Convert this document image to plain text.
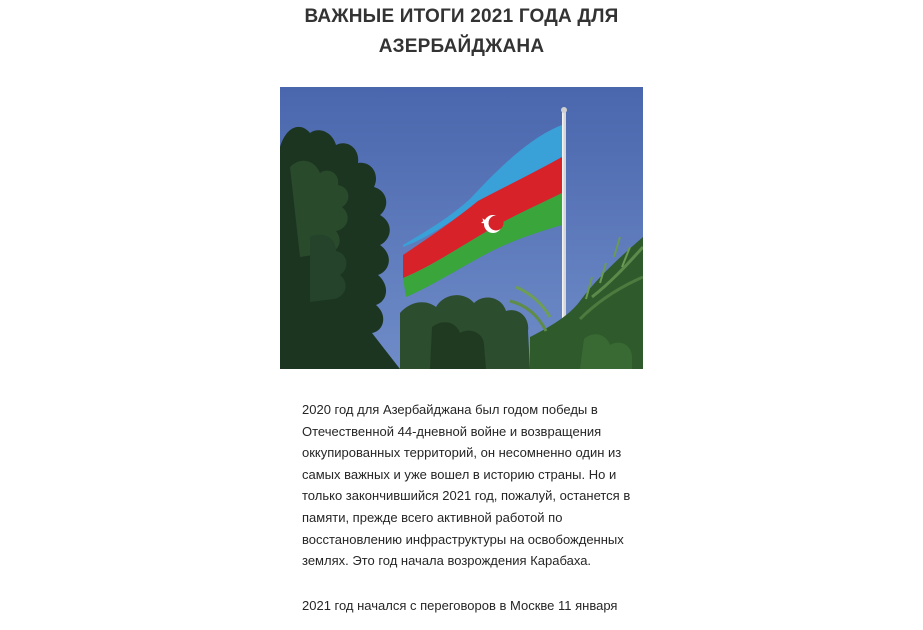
ВАЖНЫЕ ИТОГИ 2021 ГОДА ДЛЯ
АЗЕРБАЙДЖАНА

2020 год для Азербайджана был годом победы в Отечественной 44-дневной войне и возвращения оккупированных территорий, он несомненно один из самых важных и уже вошел в историю страны. Но и только закончившийся 2021 год, пожалуй, останется в памяти, прежде всего активной работой по восстановлению инфраструктуры на освобожденных землях. Это год начала возрождения Карабаха.

2021 год начался с переговоров в Москве 11 января
